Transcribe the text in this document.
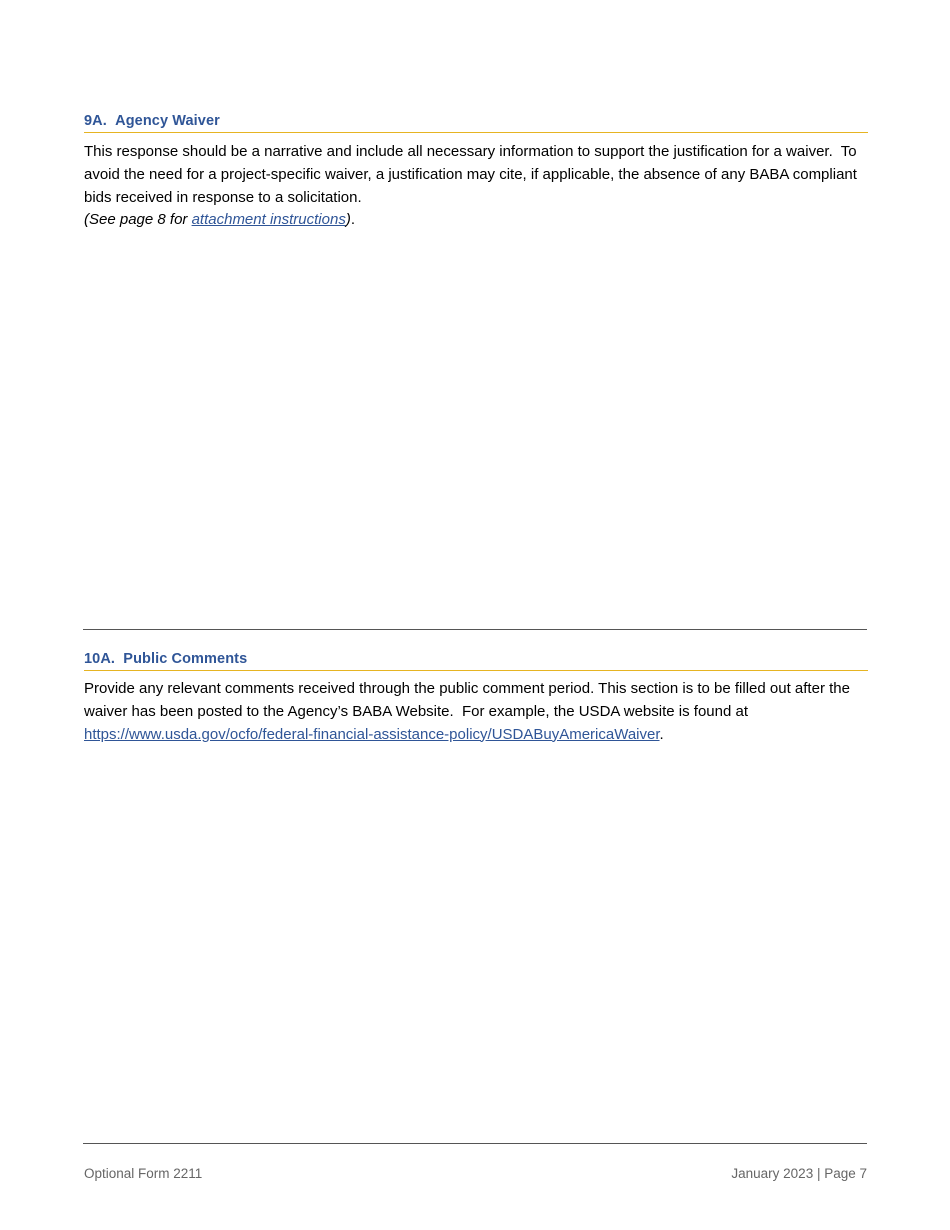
9A. Agency Waiver

This response should be a narrative and include all necessary information to support the justification for a waiver.  To avoid the need for a project-specific waiver, a justification may cite, if applicable, the absence of any BABA compliant bids received in response to a solicitation.

(See page 8 for attachment instructions).

10A. Public Comments

Provide any relevant comments received through the public comment period. This section is to be filled out after the waiver has been posted to the Agency’s BABA Website.  For example, the USDA website is found at https://www.usda.gov/ocfo/federal-financial-assistance-policy/USDABuyAmericaWaiver.

Optional Form 2211	January 2023 | Page 7
